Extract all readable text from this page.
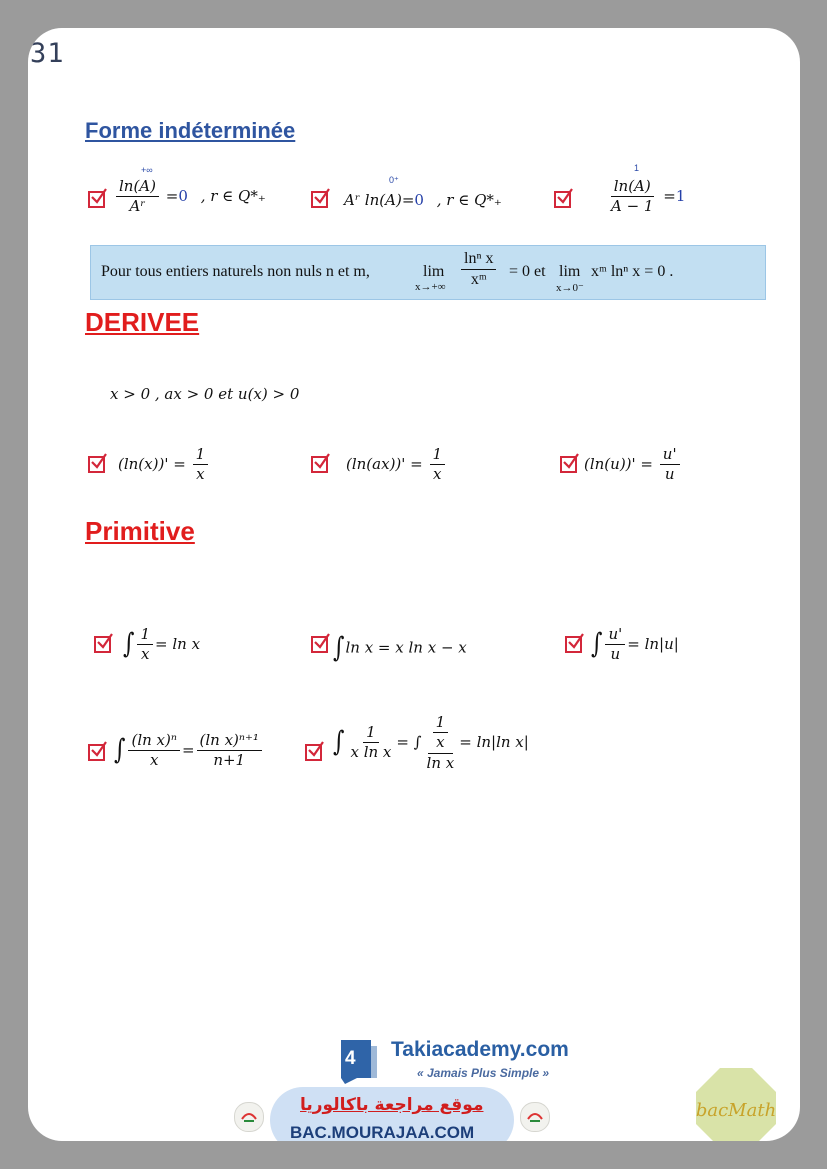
31
Forme indéterminée
+∞
$\frac{\ln(A)}{\text{Aʳ}} =0$ , r ∈ Q*₊
0⁺
Aʳ ln(A)=0 , r ∈ Q*₊
1
$\frac{\ln(A)}{A - 1} =1$
Pour tous entiers naturels non nuls n et m,	lim
$x\to+\infty \frac{\text{lnⁿ x}}{\text{xᵐ}} = 0$ et lim
x→0⁻
xᵐ lnⁿ x = 0 .
DERIVEE
x > 0 , ax > 0 et u(x) > 0
$(\ln(x))' = \frac{1}{x}$	$(\ln(ax))' = \frac{1}{x}$	$(\ln(u))' = \frac{u'}{u}$
Primitive
∫ $\frac{1}{x} = \ln x$	∫ln x = x ln x − x	∫ $\frac{u'}{u} = \ln|u|$
∫ $\frac{\text{(ln x)ⁿ}}{x} = \frac{\text{(ln x)ⁿ⁺¹}}{n+1}$	∫ $\frac{1}{\text{x ln x}}$ = ∫ $\frac{\frac{1}{x}}{\text{ln x}} = \ln|\ln$ x|
4 Takiacademy.com
« Jamais Plus Simple »
موقع مراجعة باكالوريا
BAC.MOURAJAA.COM
bacMath
